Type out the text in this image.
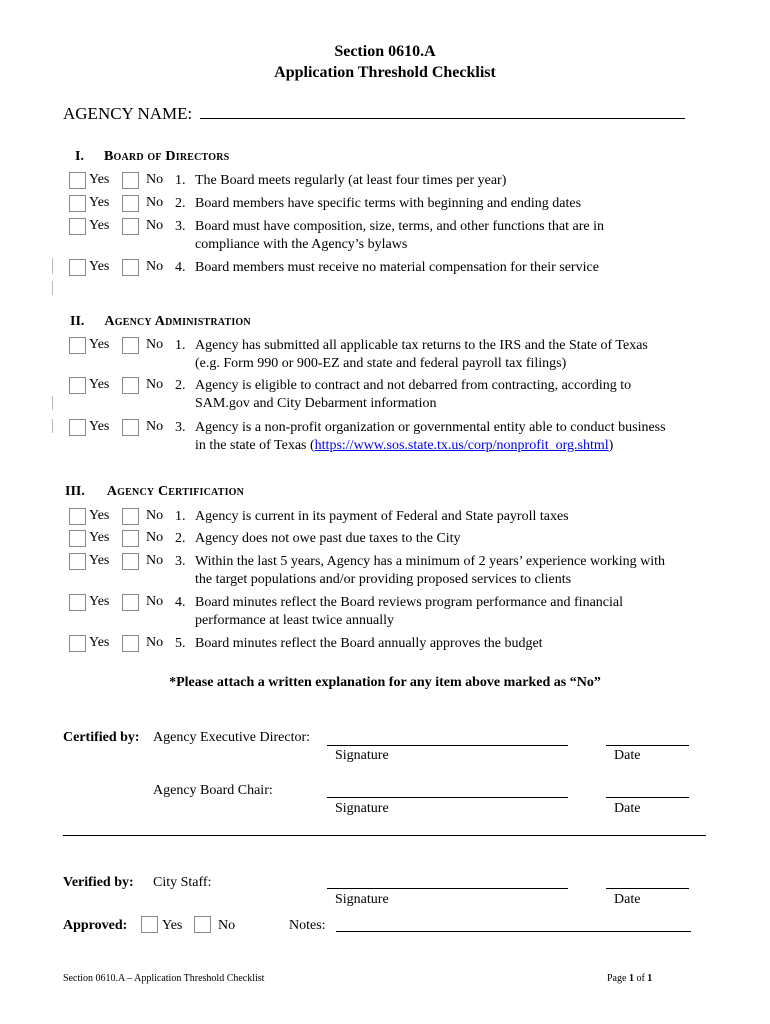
Section 0610.A
Application Threshold Checklist
AGENCY NAME:
I. Board of Directors
II. Agency Administration
III. Agency Certification
Yes	No 1. The Board meets regularly (at least four times per year)
Yes	No 2. Board members have specific terms with beginning and ending dates
Yes	No 3. Board must have composition, size, terms, and other functions that are in
compliance with the Agency’s bylaws
Yes	No 4. Board members must receive no material compensation for their service
Yes	No 1. Agency has submitted all applicable tax returns to the IRS and the State of Texas
(e.g. Form 990 or 900-EZ and state and federal payroll tax filings)
Yes	No 2. Agency is eligible to contract and not debarred from contracting, according to
SAM.gov and City Debarment information
Yes	No 3. Agency is a non-profit organization or governmental entity able to conduct business
in the state of Texas (https://www.sos.state.tx.us/corp/nonprofit_org.shtml)
Yes	No 1. Agency is current in its payment of Federal and State payroll taxes
Yes	No 2. Agency does not owe past due taxes to the City
Yes	No 3. Within the last 5 years, Agency has a minimum of 2 years’ experience working with
the target populations and/or providing proposed services to clients
Yes	No 4. Board minutes reflect the Board reviews program performance and financial
performance at least twice annually
Yes	No 5. Board minutes reflect the Board annually approves the budget
*Please attach a written explanation for any item above marked as “No”
Certified by: Agency Executive Director:
Signature	Date
Agency Board Chair:
Signature	Date
Verified by: City Staff:
Signature	Date
Approved: Yes	No	Notes:
Section 0610.A – Application Threshold Checklist	Page 1 of 1
